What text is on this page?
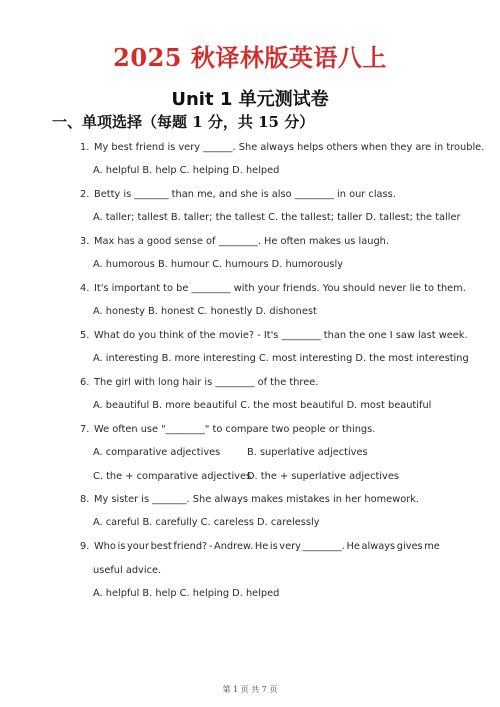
2025 秋译林版英语八上
Unit 1 单元测试卷
一、单项选择（每题 1 分，共 15 分）
1. My best friend is very ______. She always helps others when they are in trouble.
A. helpful B. help C. helping D. helped
2. Betty is _______ than me, and she is also ________ in our class.
A. taller; tallest B. taller; the tallest C. the tallest; taller D. tallest; the taller
3. Max has a good sense of ________. He often makes us laugh.
A. humorous B. humour C. humours D. humorously
4. It's important to be ________ with your friends. You should never lie to them.
A. honesty B. honest C. honestly D. dishonest
5. What do you think of the movie? - It's ________ than the one I saw last week.
A. interesting B. more interesting C. most interesting D. the most interesting
6. The girl with long hair is ________ of the three.
A. beautiful B. more beautiful C. the most beautiful D. most beautiful
7. We often use "________" to compare two people or things.
A. comparative adjectives	B. superlative adjectives
C. the + comparative adjectives
D. the + superlative adjectives
8. My sister is _______. She always makes mistakes in her homework.
A. careful B. carefully C. careless D. carelessly
9. Who is your best friend? - Andrew. He is very ________. He always gives me
useful advice.
A. helpful B. help C. helping D. helped
第 1 页 共 7 页
